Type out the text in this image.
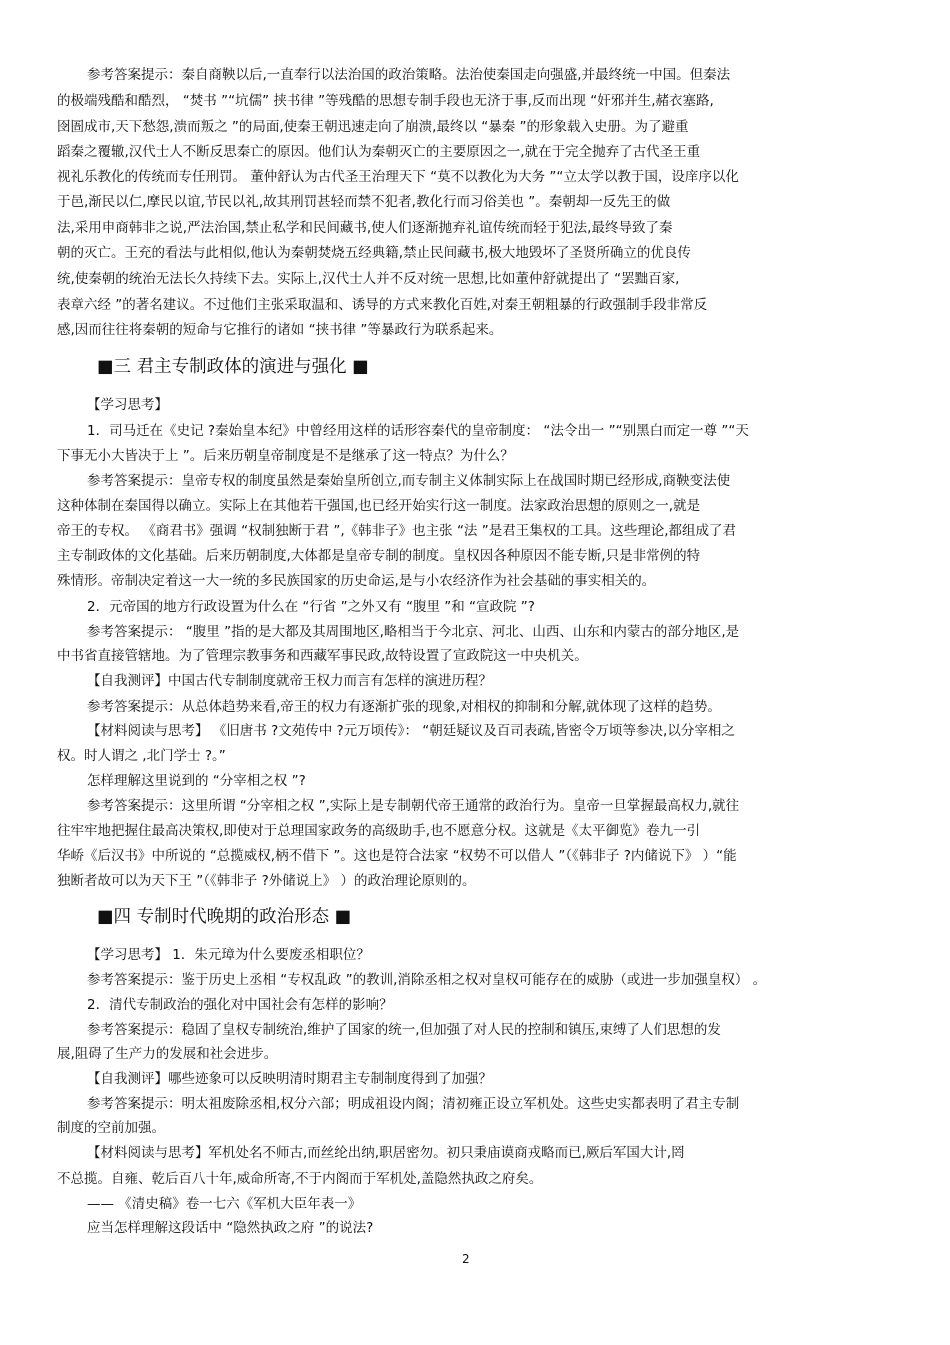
参考答案提示：秦自商鞅以后,一直奉行以法治国的政治策略。法治使秦国走向强盛,并最终统一中国。但秦法
的极端残酷和酷烈， “焚书 ”“坑儒” 挟书律 ”等残酷的思想专制手段也无济于事,反而出现 “奸邪并生,赭衣塞路,
囹圄成市,天下愁怨,溃而叛之 ”的局面,使秦王朝迅速走向了崩溃,最终以 “暴秦 ”的形象载入史册。为了避重
蹈秦之覆辙,汉代士人不断反思秦亡的原因。他们认为秦朝灭亡的主要原因之一,就在于完全抛弃了古代圣王重
视礼乐教化的传统而专任刑罚。 董仲舒认为古代圣王治理天下 “莫不以教化为大务 ”“立太学以教于国，设庠序以化
于邑,渐民以仁,摩民以谊,节民以礼,故其刑罚甚轻而禁不犯者,教化行而习俗美也 ”。秦朝却一反先王的做
法,采用申商韩非之说,严法治国,禁止私学和民间藏书,使人们逐渐抛弃礼谊传统而轻于犯法,最终导致了秦
朝的灭亡。王充的看法与此相似,他认为秦朝焚烧五经典籍,禁止民间藏书,极大地毁坏了圣贤所确立的优良传
统,使秦朝的统治无法长久持续下去。实际上,汉代士人并不反对统一思想,比如董仲舒就提出了 “罢黜百家,
表章六经 ”的著名建议。不过他们主张采取温和、诱导的方式来教化百姓,对秦王朝粗暴的行政强制手段非常反
感,因而往往将秦朝的短命与它推行的诸如 “挟书律 ”等暴政行为联系起来。
■三 君主专制政体的演进与强化 ■
【学习思考】
1．司马迁在《史记 ?秦始皇本纪》中曾经用这样的话形容秦代的皇帝制度： “法令出一 ”“别黑白而定一尊 ”“天
下事无小大皆决于上 ”。后来历朝皇帝制度是不是继承了这一特点？为什么？
参考答案提示：皇帝专权的制度虽然是秦始皇所创立,而专制主义体制实际上在战国时期已经形成,商鞅变法使
这种体制在秦国得以确立。实际上在其他若干强国,也已经开始实行这一制度。法家政治思想的原则之一,就是
帝王的专权。 《商君书》强调 “权制独断于君 ”,《韩非子》也主张 “法 ”是君王集权的工具。这些理论,都组成了君
主专制政体的文化基础。后来历朝制度,大体都是皇帝专制的制度。皇权因各种原因不能专断,只是非常例的特
殊情形。帝制决定着这一大一统的多民族国家的历史命运,是与小农经济作为社会基础的事实相关的。
2．元帝国的地方行政设置为什么在 “行省 ”之外又有 “腹里 ”和 “宣政院 ”?
参考答案提示： “腹里 ”指的是大都及其周围地区,略相当于今北京、河北、山西、山东和内蒙古的部分地区,是
中书省直接管辖地。为了管理宗教事务和西藏军事民政,故特设置了宣政院这一中央机关。
【自我测评】中国古代专制制度就帝王权力而言有怎样的演进历程？
参考答案提示：从总体趋势来看,帝王的权力有逐渐扩张的现象,对相权的抑制和分解,就体现了这样的趋势。
【材料阅读与思考】 《旧唐书 ?文苑传中 ?元万顷传》： “朝廷疑议及百司表疏,皆密令万顷等参决,以分宰相之
权。时人谓之 ,北门学士 ?。”
怎样理解这里说到的 “分宰相之权 ”?
参考答案提示：这里所谓 “分宰相之权 ”,实际上是专制朝代帝王通常的政治行为。皇帝一旦掌握最高权力,就往
往牢牢地把握住最高决策权,即使对于总理国家政务的高级助手,也不愿意分权。这就是《太平御览》卷九一引
华峤《后汉书》中所说的 “总揽威权,柄不借下 ”。这也是符合法家 “权势不可以借人 ”（《韩非子 ?内储说下》 ）“能
独断者故可以为天下王 ”（《韩非子 ?外储说上》 ）的政治理论原则的。
■四 专制时代晚期的政治形态 ■
【学习思考】 1．朱元璋为什么要废丞相职位？
参考答案提示：鉴于历史上丞相 “专权乱政 ”的教训,消除丞相之权对皇权可能存在的威胁（或进一步加强皇权） 。
2．清代专制政治的强化对中国社会有怎样的影响？
参考答案提示：稳固了皇权专制统治,维护了国家的统一,但加强了对人民的控制和镇压,束缚了人们思想的发
展,阻碍了生产力的发展和社会进步。
【自我测评】哪些迹象可以反映明清时期君主专制制度得到了加强？
参考答案提示：明太祖废除丞相,权分六部；明成祖设内阁；清初雍正设立军机处。这些史实都表明了君主专制
制度的空前加强。
【材料阅读与思考】军机处名不师古,而丝纶出纳,职居密勿。初只秉庙谟商戎略而已,厥后军国大计,罔
不总揽。自雍、乾后百八十年,威命所寄,不于内阁而于军机处,盖隐然执政之府矣。
—— 《清史稿》卷一七六《军机大臣年表一》
应当怎样理解这段话中 “隐然执政之府 ”的说法?
2
